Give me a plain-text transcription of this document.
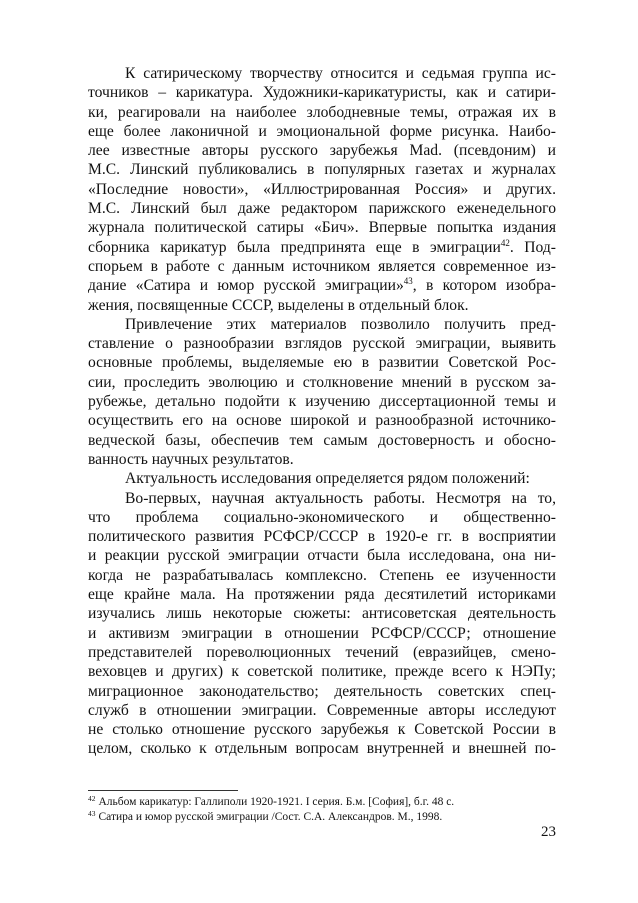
К сатирическому творчеству относится и седьмая группа ис-
точников – карикатура. Художники-карикатуристы, как и сатири-
ки, реагировали на наиболее злободневные темы, отражая их в
еще более лаконичной и эмоциональной форме рисунка. Наибо-
лее известные авторы русского зарубежья Mad. (псевдоним) и
М.С. Линский публиковались в популярных газетах и журналах
«Последние новости», «Иллюстрированная Россия» и других.
М.С. Линский был даже редактором парижского еженедельного
журнала политической сатиры «Бич». Впервые попытка издания
сборника карикатур была предпринята еще в эмиграции$^{42}$. Под-
спорьем в работе с данным источником является современное из-
дание «Сатира и юмор русской эмиграции»$^{43}$, в котором изобра-
жения, посвященные СССР, выделены в отдельный блок.
Привлечение этих материалов позволило получить пред-
ставление о разнообразии взглядов русской эмиграции, выявить
основные проблемы, выделяемые ею в развитии Советской Рос-
сии, проследить эволюцию и столкновение мнений в русском за-
рубежье, детально подойти к изучению диссертационной темы и
осуществить его на основе широкой и разнообразной источнико-
ведческой базы, обеспечив тем самым достоверность и обосно-
ванность научных результатов.
Актуальность исследования определяется рядом положений:
Во-первых, научная актуальность работы. Несмотря на то,
что проблема социально-экономического и общественно-
политического развития РСФСР/СССР в 1920-е гг. в восприятии
и реакции русской эмиграции отчасти была исследована, она ни-
когда не разрабатывалась комплексно. Степень ее изученности
еще крайне мала. На протяжении ряда десятилетий историками
изучались лишь некоторые сюжеты: антисоветская деятельность
и активизм эмиграции в отношении РСФСР/СССР; отношение
представителей пореволюционных течений (евразийцев, смено-
веховцев и других) к советской политике, прежде всего к НЭПу;
миграционное законодательство; деятельность советских спец-
служб в отношении эмиграции. Современные авторы исследуют
не столько отношение русского зарубежья к Советской России в
целом, сколько к отдельным вопросам внутренней и внешней по-
$^{42}$ Альбом карикатур: Галлиполи 1920-1921. I серия. Б.м. [София], б.г. 48 с.
$^{43}$ Сатира и юмор русской эмиграции /Сост. С.А. Александров. М., 1998.
23
